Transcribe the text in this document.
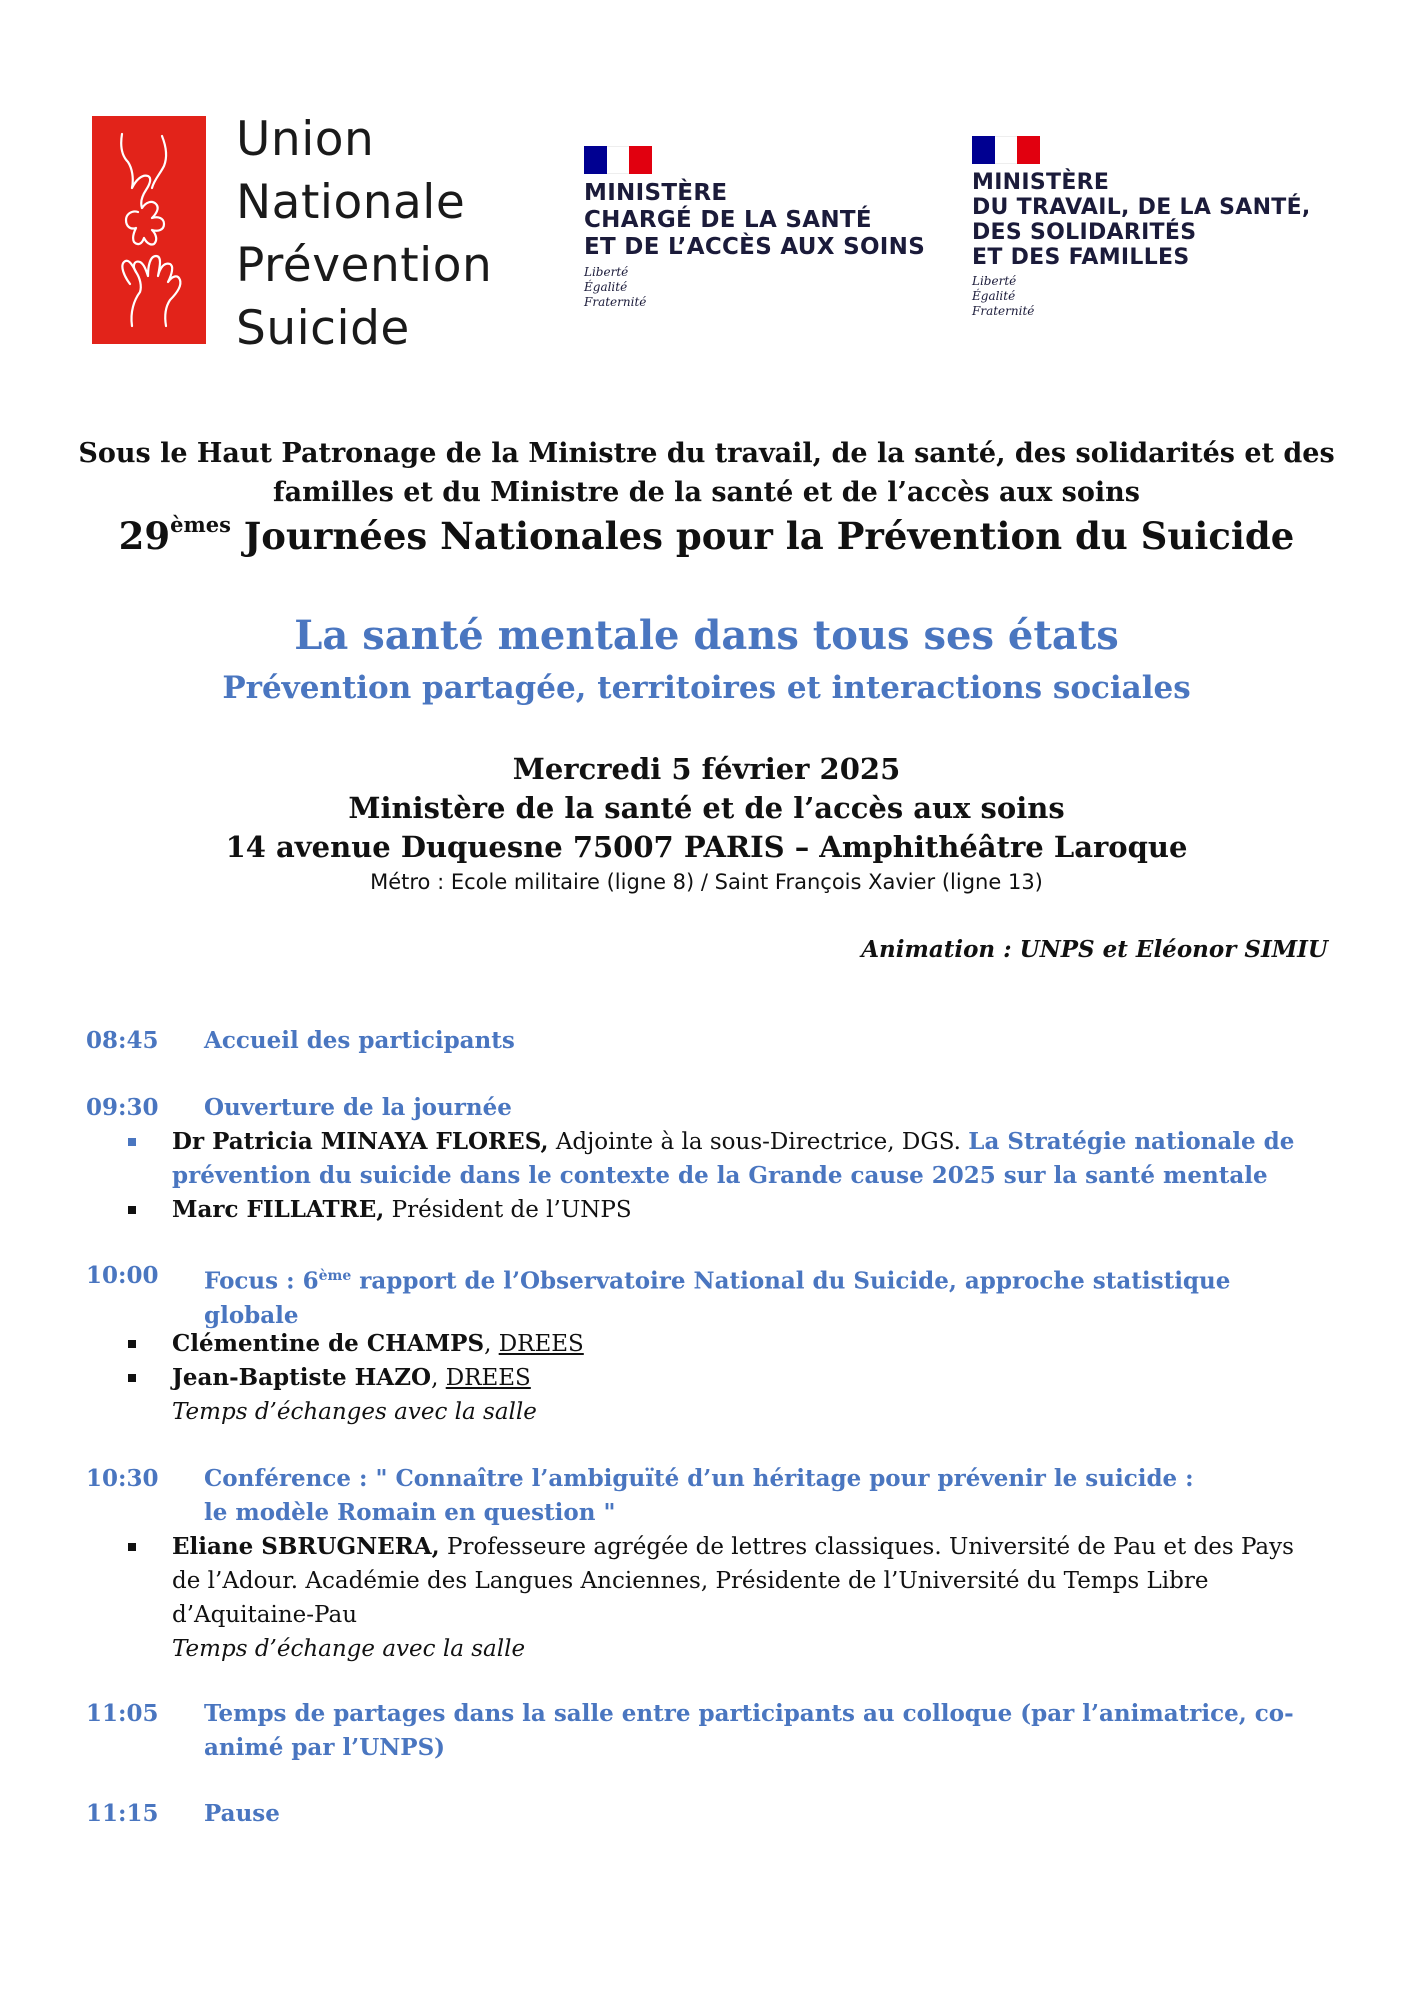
Union
Nationale
Prévention
Suicide
MINISTÈRE
CHARGÉ DE LA SANTÉ
ET DE L’ACCÈS AUX SOINS
Liberté
Égalité
Fraternité
MINISTÈRE
DU TRAVAIL, DE LA SANTÉ,
DES SOLIDARITÉS
ET DES FAMILLES
Liberté
Égalité
Fraternité
Sous le Haut Patronage de la Ministre du travail, de la santé, des solidarités et des
familles et du Ministre de la santé et de l’accès aux soins
29èmes Journées Nationales pour la Prévention du Suicide
La santé mentale dans tous ses états
Prévention partagée, territoires et interactions sociales
Mercredi 5 février 2025
Ministère de la santé et de l’accès aux soins
14 avenue Duquesne 75007 PARIS – Amphithéâtre Laroque
Métro : Ecole militaire (ligne 8) / Saint François Xavier (ligne 13)
Animation : UNPS et Eléonor SIMIU
08:45 Accueil des participants
09:30 Ouverture de la journée
Dr Patricia MINAYA FLORES, Adjointe à la sous-Directrice, DGS. La Stratégie nationale de
prévention du suicide dans le contexte de la Grande cause 2025 sur la santé mentale
Marc FILLATRE, Président de l’UNPS
10:00 Focus : 6ème rapport de l’Observatoire National du Suicide, approche statistique
globale
Clémentine de CHAMPS, DREES
Jean-Baptiste HAZO, DREES
Temps d’échanges avec la salle
10:30 Conférence : " Connaître l’ambiguïté d’un héritage pour prévenir le suicide :
le modèle Romain en question "
Eliane SBRUGNERA, Professeure agrégée de lettres classiques. Université de Pau et des Pays
de l’Adour. Académie des Langues Anciennes, Présidente de l’Université du Temps Libre
d’Aquitaine-Pau
Temps d’échange avec la salle
11:05 Temps de partages dans la salle entre participants au colloque (par l’animatrice, co-
animé par l’UNPS)
11:15 Pause
